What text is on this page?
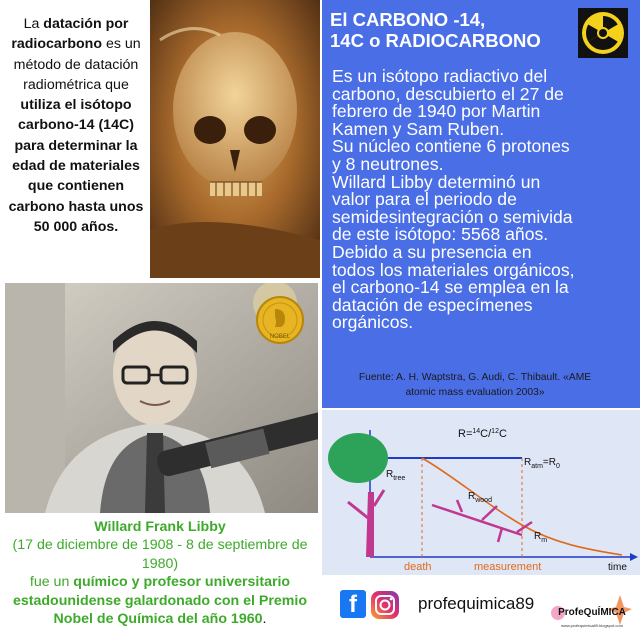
La datación por radiocarbono es un método de datación radiométrica que utiliza el isótopo carbono-14 (14C) para determinar la edad de materiales que contienen carbono hasta unos 50 000 años.

NOBEL
Willard Frank Libby
(17 de diciembre de 1908 - 8 de septiembre de 1980)
fue un químico y profesor universitario estadounidense galardonado con el Premio Nobel de Química del año 1960.
El CARBONO -14,
14C o RADIOCARBONO
Es un isótopo radiactivo del
carbono, descubierto el 27 de
febrero de 1940 por Martin
Kamen y Sam Ruben.
Su núcleo contiene 6 protones
y 8 neutrones.
Willard Libby determinó un
valor para el periodo de
semidesintegración o semivida
de este isótopo: 5568 años.
Debido a su presencia en
todos los materiales orgánicos,
el carbono-14 se emplea en la
datación de especímenes
orgánicos.
Fuente: A. H. Waptstra, G. Audi, C. Thibault. «AME
atomic mass evaluation 2003»
R=$^{14}$C/$^{12}$C
$R_{tree}$
$R_{wood}$
$R_{atm}=R_0$
$R_m$
death	measurement	time
f	profequimica89 ProfeQuÍMICA
www.profequimica89.blogspot.com
